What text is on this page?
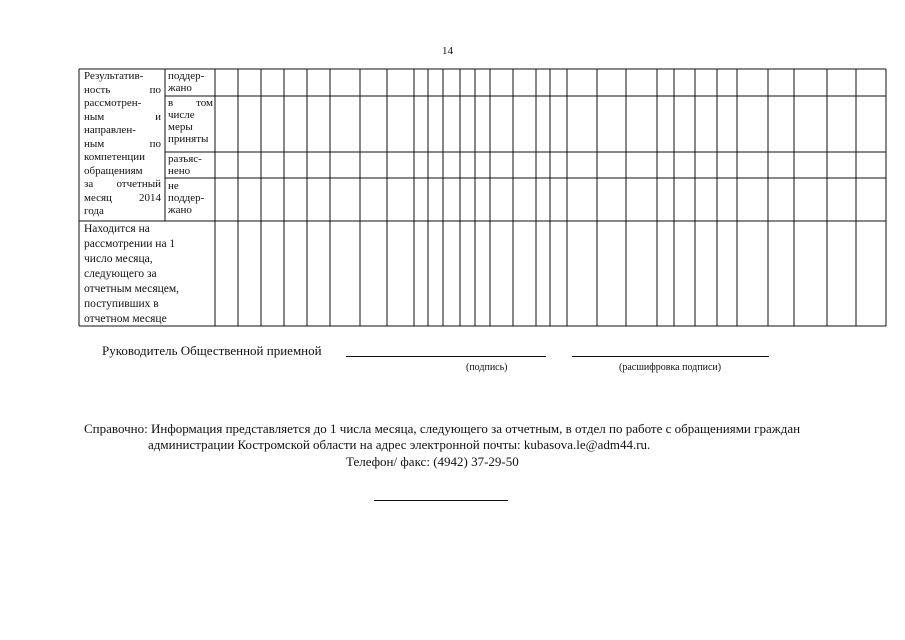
14
Результатив-
ность по
рассмотрен-
ным и
направлен-
ным по
компетенции
обращениям
за отчетный
месяц 2014
года
поддер-
жано
в том
числе
меры
приняты
разъяс-
нено
не
поддер-
жано
Находится на
рассмотрении на 1
число месяца,
следующего за
отчетным месяцем,
поступивших в
отчетном месяце
Руководитель Общественной приемной
(подпись)	(расшифровка подписи)
Справочно: Информация представляется до 1 числа месяца, следующего за отчетным, в отдел по работе с обращениями граждан
администрации Костромской области на адрес электронной почты: kubasova.le@adm44.ru.
Телефон/ факс: (4942) 37-29-50
